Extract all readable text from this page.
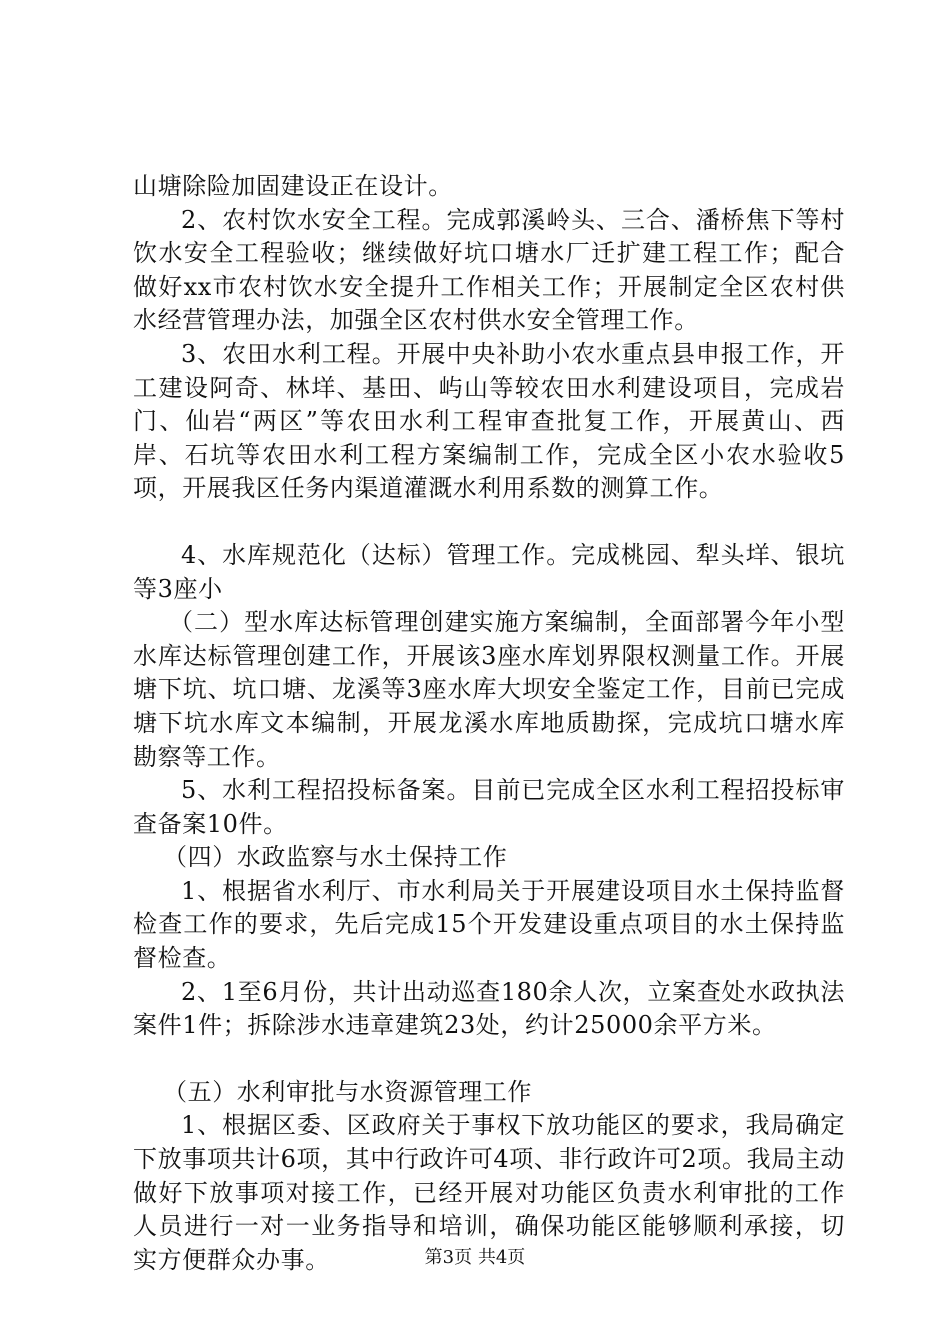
山塘除险加固建设正在设计。

2、农村饮水安全工程。完成郭溪岭头、三合、潘桥焦下等村饮水安全工程验收；继续做好坑口塘水厂迁扩建工程工作；配合做好xx市农村饮水安全提升工作相关工作；开展制定全区农村供水经营管理办法，加强全区农村供水安全管理工作。

3、农田水利工程。开展中央补助小农水重点县申报工作，开工建设阿奇、林垟、基田、屿山等较农田水利建设项目，完成岩门、仙岩“两区”等农田水利工程审查批复工作，开展黄山、西岸、石坑等农田水利工程方案编制工作，完成全区小农水验收5项，开展我区任务内渠道灌溉水利用系数的测算工作。

4、水库规范化（达标）管理工作。完成桃园、犁头垟、银坑等3座小

（二）型水库达标管理创建实施方案编制，全面部署今年小型水库达标管理创建工作，开展该3座水库划界限权测量工作。开展塘下坑、坑口塘、龙溪等3座水库大坝安全鉴定工作，目前已完成塘下坑水库文本编制，开展龙溪水库地质勘探，完成坑口塘水库勘察等工作。

5、水利工程招投标备案。目前已完成全区水利工程招投标审查备案10件。

（四）水政监察与水土保持工作

1、根据省水利厅、市水利局关于开展建设项目水土保持监督检查工作的要求，先后完成15个开发建设重点项目的水土保持监督检查。

2、1至6月份，共计出动巡查180余人次，立案查处水政执法案件1件；拆除涉水违章建筑23处，约计25000余平方米。

（五）水利审批与水资源管理工作

1、根据区委、区政府关于事权下放功能区的要求，我局确定下放事项共计6项，其中行政许可4项、非行政许可2项。我局主动做好下放事项对接工作，已经开展对功能区负责水利审批的工作人员进行一对一业务指导和培训，确保功能区能够顺利承接，切实方便群众办事。	第3页 共4页
